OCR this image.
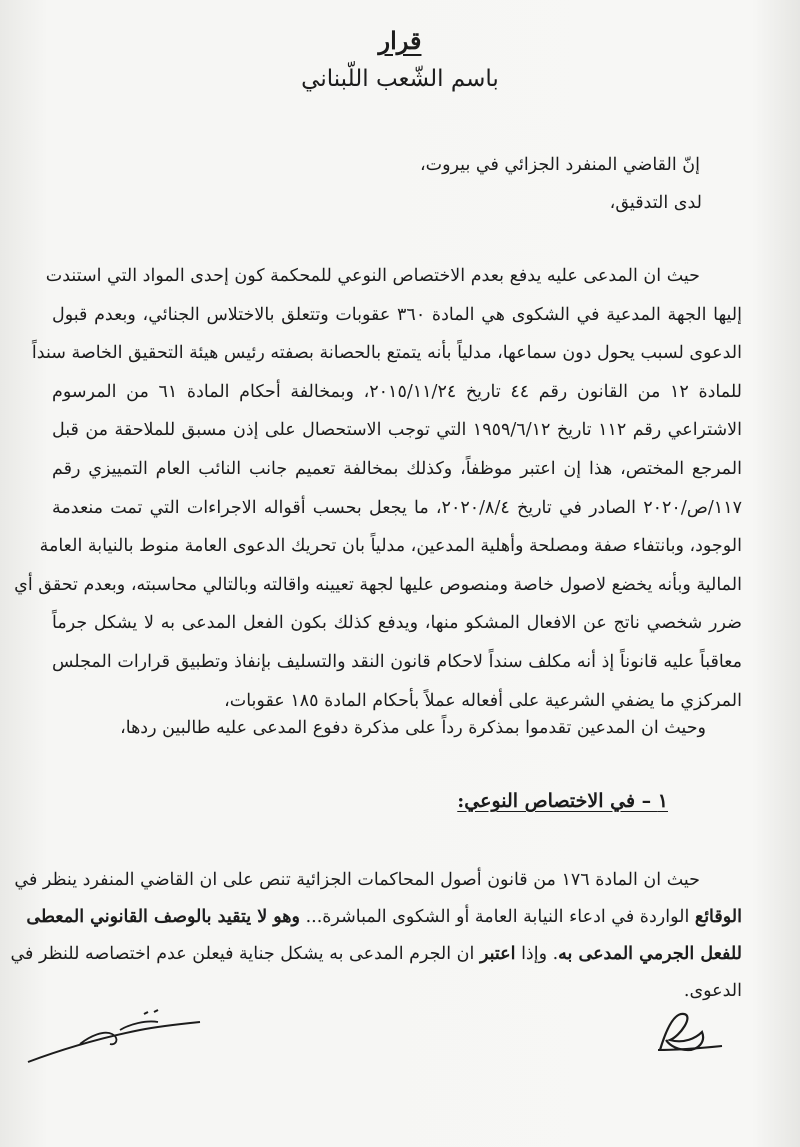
قرار
باسم الشّعب اللّبناني
إنّ القاضي المنفرد الجزائي في بيروت،
لدى التدقيق،
حيث ان المدعى عليه يدفع بعدم الاختصاص النوعي للمحكمة كون إحدى المواد التي استندت
إليها الجهة المدعية في الشكوى هي المادة ٣٦٠ عقوبات وتتعلق بالاختلاس الجنائي، وبعدم قبول
الدعوى لسبب يحول دون سماعها، مدلياً بأنه يتمتع بالحصانة بصفته رئيس هيئة التحقيق الخاصة سنداً
للمادة ١٢ من القانون رقم ٤٤ تاريخ ٢٠١٥/١١/٢٤، وبمخالفة أحكام المادة ٦١ من المرسوم
الاشتراعي رقم ١١٢ تاريخ ١٩٥٩/٦/١٢ التي توجب الاستحصال على إذن مسبق للملاحقة من قبل
المرجع المختص، هذا إن اعتبر موظفاً، وكذلك بمخالفة تعميم جانب النائب العام التمييزي رقم
١١٧/ص/٢٠٢٠ الصادر في تاريخ ٢٠٢٠/٨/٤، ما يجعل بحسب أقواله الاجراءات التي تمت منعدمة
الوجود، وبانتفاء صفة ومصلحة وأهلية المدعين، مدلياً بان تحريك الدعوى العامة منوط بالنيابة العامة
المالية وبأنه يخضع لاصول خاصة ومنصوص عليها لجهة تعيينه واقالته وبالتالي محاسبته، وبعدم تحقق أي
ضرر شخصي ناتج عن الافعال المشكو منها، ويدفع كذلك بكون الفعل المدعى به لا يشكل جرماً
معاقباً عليه قانوناً إذ أنه مكلف سنداً لاحكام قانون النقد والتسليف بإنفاذ وتطبيق قرارات المجلس
المركزي ما يضفي الشرعية على أفعاله عملاً بأحكام المادة ١٨٥ عقوبات،
وحيث ان المدعين تقدموا بمذكرة رداً على مذكرة دفوع المدعى عليه طالبين ردها،
١ – في الاختصاص النوعي:
حيث ان المادة ١٧٦ من قانون أصول المحاكمات الجزائية تنص على ان القاضي المنفرد ينظر في
الوقائع الواردة في ادعاء النيابة العامة أو الشكوى المباشرة... وهو لا يتقيد بالوصف القانوني المعطى
للفعل الجرمي المدعى به. وإذا اعتبر ان الجرم المدعى به يشكل جناية فيعلن عدم اختصاصه للنظر في
الدعوى.
